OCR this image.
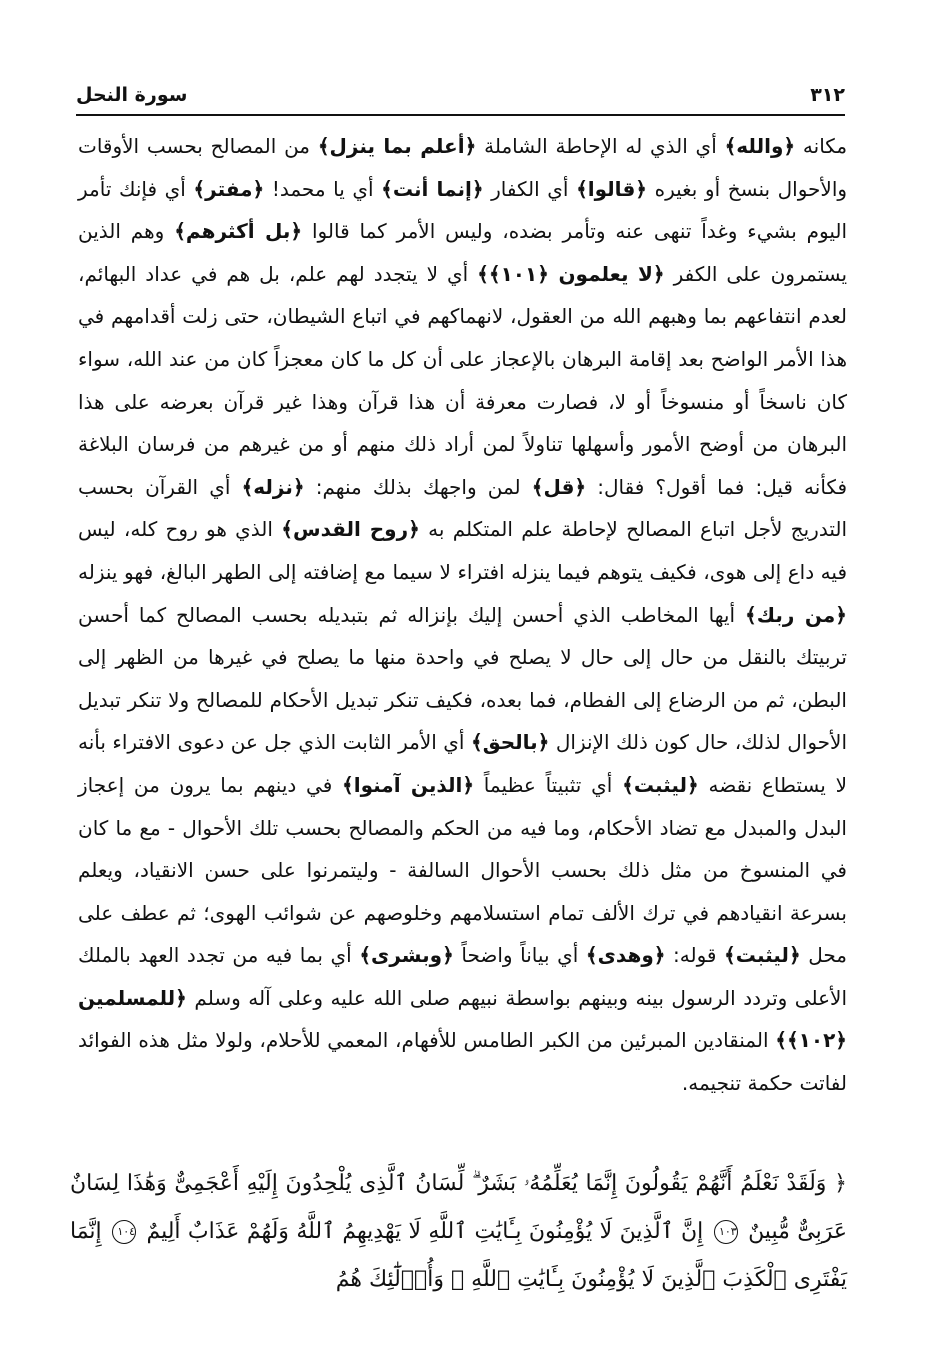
٣١٢
سورة النحل

مكانه ﴿والله﴾ أي الذي له الإحاطة الشاملة ﴿أعلم بما ينزل﴾ من المصالح بحسب الأوقات والأحوال بنسخ أو بغيره ﴿قالوا﴾ أي الكفار ﴿إنما أنت﴾ أي يا محمد! ﴿مفتر﴾ أي فإنك تأمر اليوم بشيء وغداً تنهى عنه وتأمر بضده، وليس الأمر كما قالوا ﴿بل أكثرهم﴾ وهم الذين يستمرون على الكفر ﴿لا يعلمون ﴿١٠١﴾﴾ أي لا يتجدد لهم علم، بل هم في عداد البهائم، لعدم انتفاعهم بما وهبهم الله من العقول، لانهماكهم في اتباع الشيطان، حتى زلت أقدامهم في هذا الأمر الواضح بعد إقامة البرهان بالإعجاز على أن كل ما كان معجزاً كان من عند الله، سواء كان ناسخاً أو منسوخاً أو لا، فصارت معرفة أن هذا قرآن وهذا غير قرآن بعرضه على هذا البرهان من أوضح الأمور وأسهلها تناولاً لمن أراد ذلك منهم أو من غيرهم من فرسان البلاغة فكأنه قيل: فما أقول؟ فقال: ﴿قل﴾ لمن واجهك بذلك منهم: ﴿نزله﴾ أي القرآن بحسب التدريج لأجل اتباع المصالح لإحاطة علم المتكلم به ﴿روح القدس﴾ الذي هو روح كله، ليس فيه داع إلى هوى، فكيف يتوهم فيما ينزله افتراء لا سيما مع إضافته إلى الطهر البالغ، فهو ينزله ﴿من ربك﴾ أيها المخاطب الذي أحسن إليك بإنزاله ثم بتبديله بحسب المصالح كما أحسن تربيتك بالنقل من حال إلى حال لا يصلح في واحدة منها ما يصلح في غيرها من الظهر إلى البطن، ثم من الرضاع إلى الفطام، فما بعده، فكيف تنكر تبديل الأحكام للمصالح ولا تنكر تبديل الأحوال لذلك، حال كون ذلك الإنزال ﴿بالحق﴾ أي الأمر الثابت الذي جل عن دعوى الافتراء بأنه لا يستطاع نقضه ﴿ليثبت﴾ أي تثبيتاً عظيماً ﴿الذين آمنوا﴾ في دينهم بما يرون من إعجاز البدل والمبدل مع تضاد الأحكام، وما فيه من الحكم والمصالح بحسب تلك الأحوال - مع ما كان في المنسوخ من مثل ذلك بحسب الأحوال السالفة - وليتمرنوا على حسن الانقياد، ويعلم بسرعة انقيادهم في ترك الألف تمام استسلامهم وخلوصهم عن شوائب الهوى؛ ثم عطف على محل ﴿ليثبت﴾ قوله: ﴿وهدى﴾ أي بياناً واضحاً ﴿وبشرى﴾ أي بما فيه من تجدد العهد بالملك الأعلى وتردد الرسول بينه وبينهم بواسطة نبيهم صلى الله عليه وعلى آله وسلم ﴿للمسلمين ﴿١٠٢﴾﴾ المنقادين المبرئين من الكبر الطامس للأفهام، المعمي للأحلام، ولولا مثل هذه الفوائد لفاتت حكمة تنجيمه.

﴿ وَلَقَدْ نَعْلَمُ أَنَّهُمْ يَقُولُونَ إِنَّمَا يُعَلِّمُهُۥ بَشَرٌ ۗ لِّسَانُ ٱلَّذِى يُلْحِدُونَ إِلَيْهِ أَعْجَمِىٌّ وَهَٰذَا لِسَانٌ عَرَبِىٌّ مُّبِينٌ ١٠٣ إِنَّ ٱلَّذِينَ لَا يُؤْمِنُونَ بِـَٔايَٰتِ ٱللَّهِ لَا يَهْدِيهِمُ ٱللَّهُ وَلَهُمْ عَذَابٌ أَلِيمٌ ١٠٤ إِنَّمَا يَفْتَرِى ٱلْكَذِبَ ٱلَّذِينَ لَا يُؤْمِنُونَ بِـَٔايَٰتِ ٱللَّهِ ۖ وَأُو۟لَٰٓئِكَ هُمُ
